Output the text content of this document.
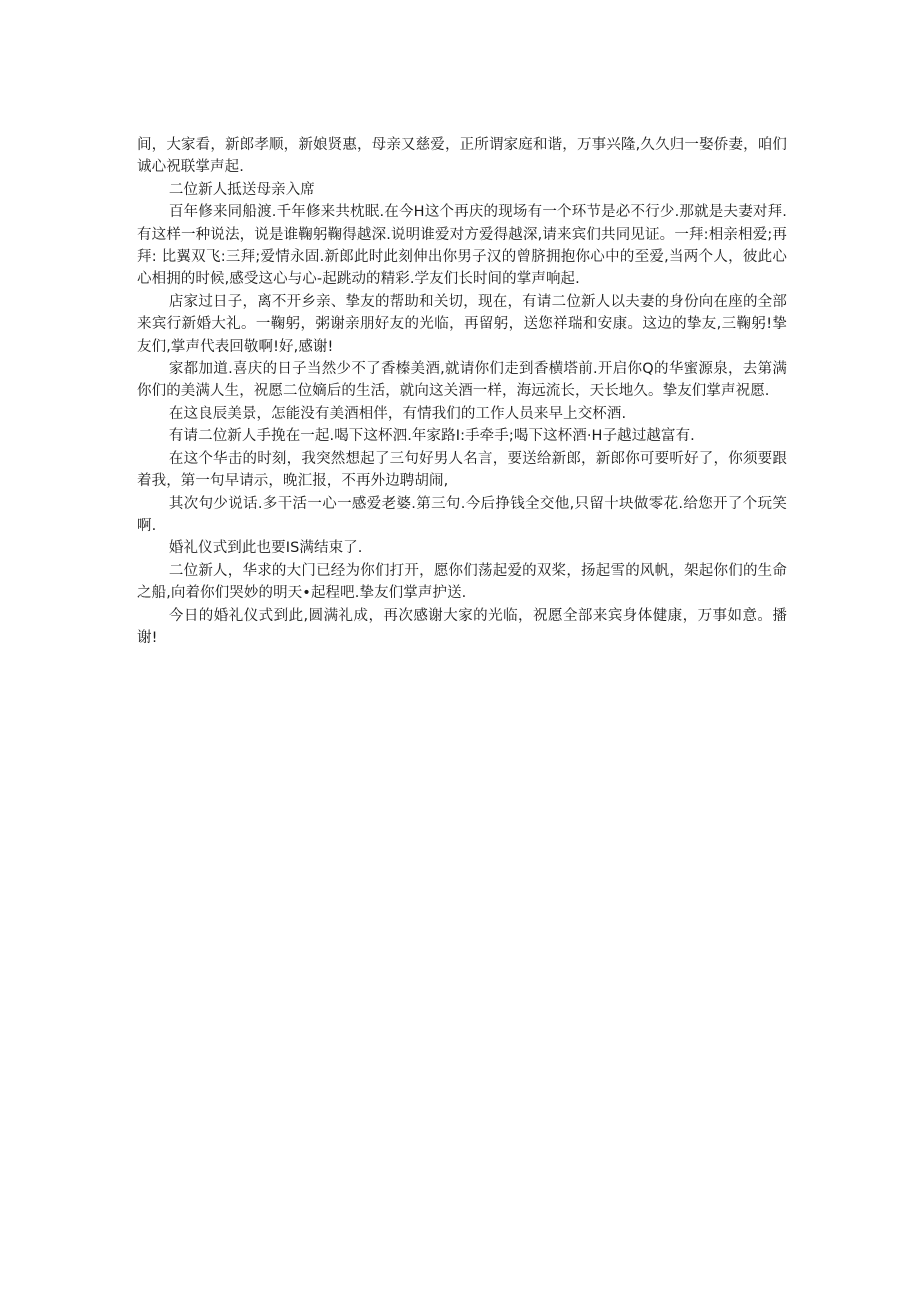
间，大家看，新郎孝顺，新娘贤惠，母亲又慈爱，正所谓家庭和谐，万事兴隆,久久归一娶侨妻，咱们诚心祝联掌声起.

二位新人抵送母亲入席

百年修来同船渡.千年修来共枕眠.在今H这个再庆的现场有一个环节是必不行少.那就是夫妻对拜.有这样一种说法，说是谁鞠躬鞠得越深.说明谁爱对方爱得越深,请来宾们共同见证。一拜:相亲相爱;再拜: 比翼双飞:三拜;爱情永固.新郎此时此刻伸出你男子汉的曾脐拥抱你心中的至爱,当两个人，彼此心心相拥的时候,感受这心与心-起跳动的精彩.学友们长时间的掌声响起.

店家过日子，离不开乡亲、挚友的帮助和关切，现在，有请二位新人以夫妻的身份向在座的全部来宾行新婚大礼。一鞠躬，粥谢亲朋好友的光临，再留躬，送您祥瑞和安康。这边的挚友,三鞠躬!挚友们,掌声代表回敬啊!好,感谢!

家都加道.喜庆的日子当然少不了香榛美酒,就请你们走到香横塔前.开启你Q的华蜜源泉，去第满你们的美满人生，祝愿二位嫡后的生活，就向这关酒一样，海远流长，天长地久。挚友们掌声祝愿.

在这良辰美景，怎能没有美酒相伴，有情我们的工作人员来早上交杯酒.

有请二位新人手挽在一起.喝下这杯泗.年家路I:手牵手;喝下这杯酒·H子越过越富有.

在这个华击的时刻，我突然想起了三句好男人名言，要送给新郎，新郎你可要听好了，你须要跟着我，第一句早请示，晚汇报，不再外边聘胡闹,

其次句少说话.多干活一心一感爱老婆.第三句.今后挣钱全交他,只留十块做零花.给您开了个玩笑啊.

婚礼仪式到此也要IS满结束了.

二位新人，华求的大门已经为你们打开，愿你们荡起爱的双桨，扬起雪的风帆，架起你们的生命之船,向着你们哭妙的明天•起程吧.挚友们掌声护送.

今日的婚礼仪式到此,圆满礼成，再次感谢大家的光临，祝愿全部来宾身体健康，万事如意。播谢!
